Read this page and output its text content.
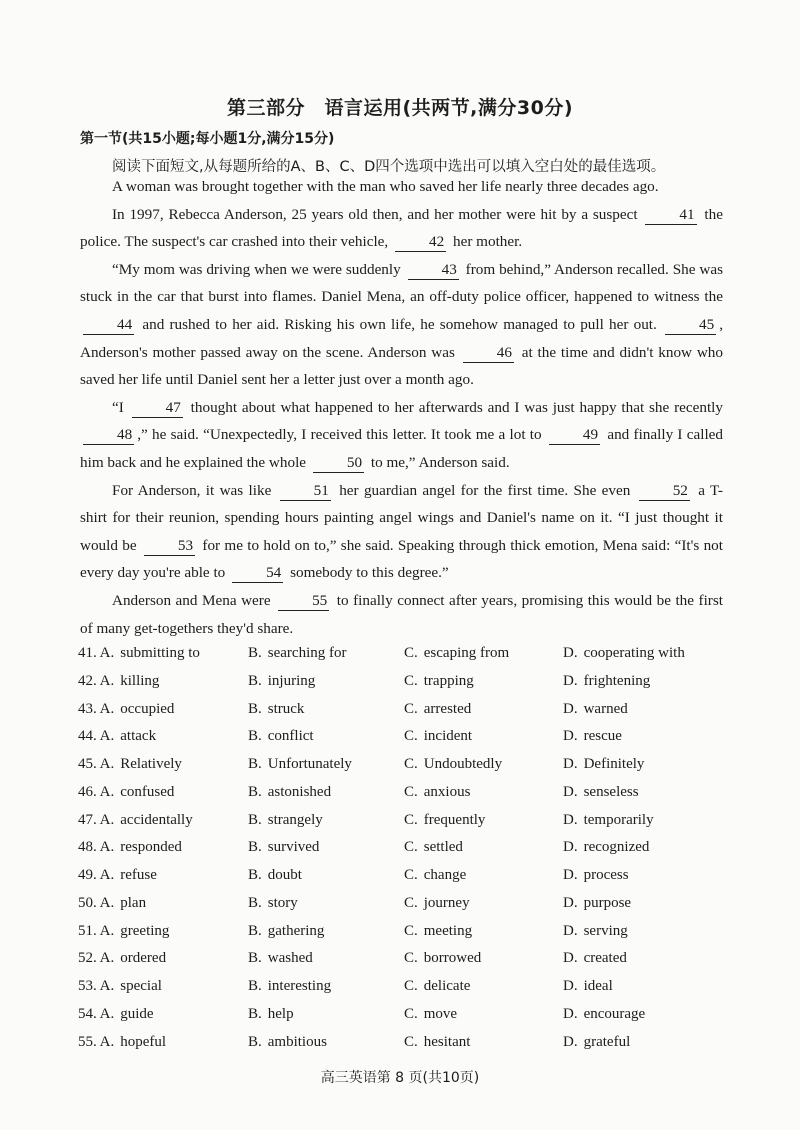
第三部分　语言运用(共两节,满分30分)
第一节(共15小题;每小题1分,满分15分)
阅读下面短文,从每题所给的A、B、C、D四个选项中选出可以填入空白处的最佳选项。

A woman was brought together with the man who saved her life nearly three decades ago.

In 1997, Rebecca Anderson, 25 years old then, and her mother were hit by a suspect 41 the police. The suspect's car crashed into their vehicle, 42 her mother.

“My mom was driving when we were suddenly 43 from behind,” Anderson recalled. She was stuck in the car that burst into flames. Daniel Mena, an off-duty police officer, happened to witness the 44 and rushed to her aid. Risking his own life, he somehow managed to pull her out. 45 , Anderson's mother passed away on the scene. Anderson was 46 at the time and didn't know who saved her life until Daniel sent her a letter just over a month ago.

“I 47 thought about what happened to her afterwards and I was just happy that she recently 48 ,” he said. “Unexpectedly, I received this letter. It took me a lot to 49 and finally I called him back and he explained the whole 50 to me,” Anderson said.

For Anderson, it was like 51 her guardian angel for the first time. She even 52 a T-shirt for their reunion, spending hours painting angel wings and Daniel's name on it. “I just thought it would be 53 for me to hold on to,” she said. Speaking through thick emotion, Mena said: “It's not every day you're able to 54 somebody to this degree.”

Anderson and Mena were 55 to finally connect after years, promising this would be the first of many get-togethers they'd share.

41. A. submitting to	B. searching for	C. escaping from	D. cooperating with
42. A. killing	B. injuring	C. trapping	D. frightening
43. A. occupied	B. struck	C. arrested	D. warned
44. A. attack	B. conflict	C. incident	D. rescue
45. A. Relatively	B. Unfortunately	C. Undoubtedly	D. Definitely
46. A. confused	B. astonished	C. anxious	D. senseless
47. A. accidentally	B. strangely	C. frequently	D. temporarily
48. A. responded	B. survived	C. settled	D. recognized
49. A. refuse	B. doubt	C. change	D. process
50. A. plan	B. story	C. journey	D. purpose
51. A. greeting	B. gathering	C. meeting	D. serving
52. A. ordered	B. washed	C. borrowed	D. created
53. A. special	B. interesting	C. delicate	D. ideal
54. A. guide	B. help	C. move	D. encourage
55. A. hopeful	B. ambitious	C. hesitant	D. grateful
高三英语第 8 页(共10页)
